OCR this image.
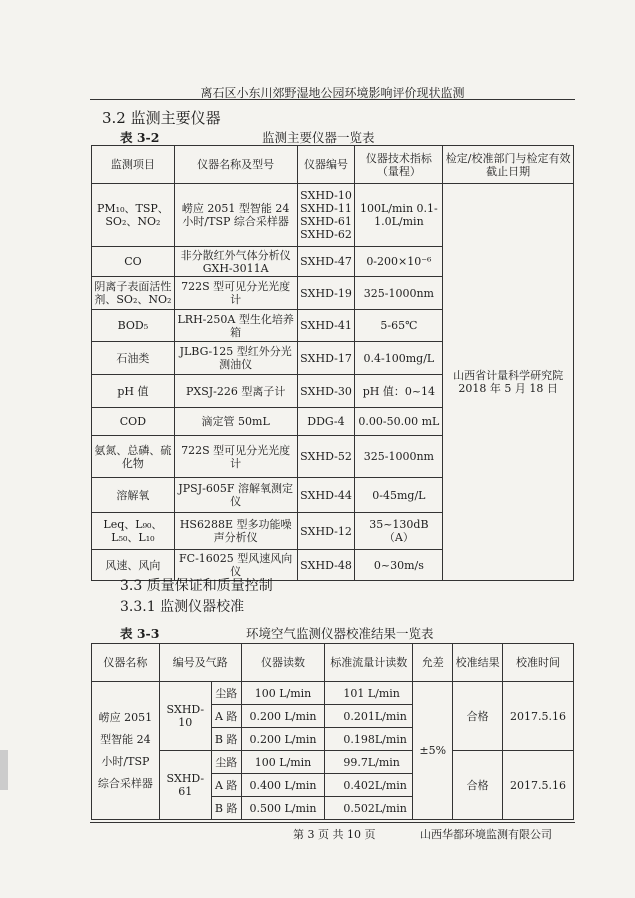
离石区小东川郊野湿地公园环境影响评价现状监测
3.2 监测主要仪器
表 3-2	监测主要仪器一览表
监测项目	仪器名称及型号	仪器编号	仪器技术指标（量程）	检定/校准部门与检定有效截止日期
PM₁₀、TSP、SO₂、NO₂	崂应 2051 型智能 24 小时/TSP 综合采样器	SXHD-10 SXHD-11 SXHD-61 SXHD-62	100L/min 0.1-1.0L/min	山西省计量科学研究院 2018 年 5 月 18 日
CO	非分散红外气体分析仪 GXH-3011A	SXHD-47	0-200×10⁻⁶	
阴离子表面活性剂、SO₂、NO₂	722S 型可见分光光度计	SXHD-19	325-1000nm	
BOD₅	LRH-250A 型生化培养箱	SXHD-41	5-65℃	
石油类	JLBG-125 型红外分光测油仪	SXHD-17	0.4-100mg/L	
pH 值	PXSJ-226 型离子计	SXHD-30	pH 值：0~14	
COD	滴定管 50mL	DDG-4	0.00-50.00 mL	
氨氮、总磷、硫化物	722S 型可见分光光度计	SXHD-52	325-1000nm	
溶解氧	JPSJ-605F 溶解氧测定仪	SXHD-44	0-45mg/L	
Leq、L₉₀、L₅₀、L₁₀	HS6288E 型多功能噪声分析仪	SXHD-12	35~130dB（A）	
风速、风向	FC-16025 型风速风向仪	SXHD-48	0~30m/s	
3.3 质量保证和质量控制
3.3.1 监测仪器校准
表 3-3	环境空气监测仪器校准结果一览表
仪器名称	编号及气路		仪器读数	标准流量计读数	允差	校准结果	校准时间
崂应 2051 型智能 24 小时/TSP 综合采样器	SXHD-10	尘路	100 L/min	101 L/min	±5%	合格	2017.5.16
		A 路	0.200 L/min	0.201L/min			
		B 路	0.200 L/min	0.198L/min			
	SXHD-61	尘路	100 L/min	99.7L/min		合格	2017.5.16
		A 路	0.400 L/min	0.402L/min			
		B 路	0.500 L/min	0.502L/min			
第 3 页 共 10 页	山西华都环境监测有限公司
